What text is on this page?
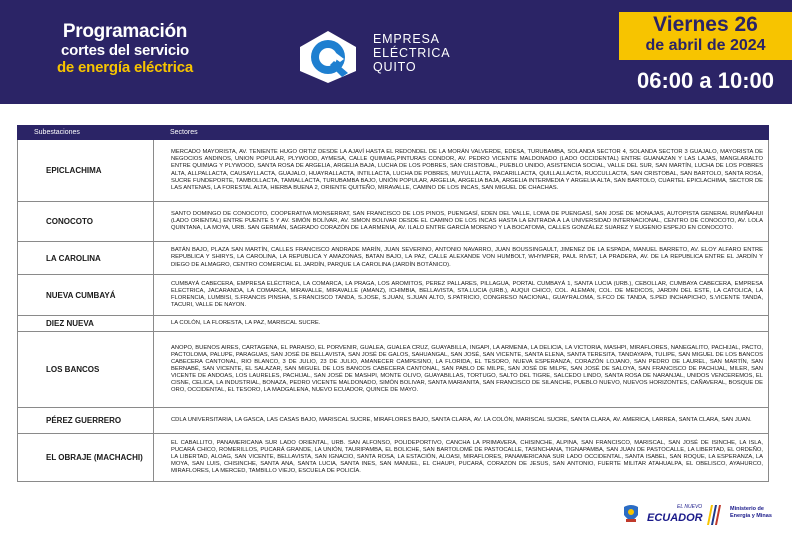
Programación
cortes del servicio
de energía eléctrica
EMPRESA
ELÉCTRICA
QUITO
Viernes 26
de abril de 2024
06:00 a 10:00
Subestaciones	Sectores
EPICLACHIMA	MERCADO MAYORISTA, AV. TENIENTE HUGO ORTIZ DESDE LA AJAVÍ HASTA EL REDONDEL DE LA MORÁN VALVERDE, EDESA, TURUBAMBA, SOLANDA SECTOR 4, SOLANDA SECTOR 3 GUAJALO, MAYORISTA DE NEGOCIOS ANDINOS, UNION POPULAR, PLYWOOD, AYMESA, CALLE QUIMIAG,PINTURAS CONDOR, AV. PEDRO VICENTE MALDONADO (LADO OCCIDENTAL) ENTRE GUANAZAN Y LAS LAJAS, MANGLARALTO ENTRE QUIMIAG Y PLYWOOD, SANTA ROSA DE ARGELIA, ARGELIA BAJA, LUCHA DE LOS POBRES, SAN CRISTOBAL, PUEBLO UNIDO, ASISTENCIA SOCIAL, VALLE DEL SUR, SAN MARTÍN, LUCHA DE LOS POBRES ALTA, ALLPALLACTA, CAUSAYLLACTA, GUAJALO, HUAYRALLACTA, INTILLACTA, LUCHA DE POBRES, MUYULLACTA, PACARILLACTA, QUILLALLACTA, RUCCULLACTA, SAN CRISTOBAL, SAN BARTOLO, SANTA ROSA, SUCRE FUNDEPORTE, TAMBOLLACTA, TAMIALLACTA, TURUBAMBA BAJO, UNIÓN POPULAR, ARGELIA, ARGELIA BAJA, ARGELIA INTERMEDIA Y ARGELIA ALTA, SAN BARTOLO, CUARTEL EPICLACHIMA, SECTOR DE LAS ANTENAS, LA FORESTAL ALTA, HIERBA BUENA 2, ORIENTE QUITEÑO, MIRAVALLE, CAMINO DE LOS INCAS, SAN MIGUEL DE CHACHAS.
CONOCOTO	SANTO DOMINGO DE CONOCOTO, COOPERATIVA MONSERRAT, SAN FRANCISCO DE LOS PINOS, PUENGASÍ, EDEN DEL VALLE, LOMA DE PUENGASÍ, SAN JOSÉ DE MONAJAS, AUTOPISTA GENERAL RUMIÑAHUI (LADO ORIENTAL) ENTRE PUENTE 5 Y AV. SIMÓN BOLÍVAR, AV. SIMON BOLIVAR DESDE EL CAMINO DE LOS INCAS HASTA LA ENTRADA A LA UNIVERSIDAD INTERNACIONAL, CENTRO DE CONOCOTO, AV. LOLA QUINTANA, LA MOYA, URB. SAN GERMÁN, SAGRADO CORAZÓN DE LA ARMENIA, AV. ILALO ENTRE GARCÍA MORENO Y LA BOCATOMA, CALLES GONZÁLEZ SUAREZ Y EUGENIO ESPEJO EN CONOCOTO.
LA CAROLINA	BATÁN BAJO, PLAZA SAN MARTÍN, CALLES FRANCISCO ANDRADE MARÍN, JUAN SEVERINO, ANTONIO NAVARRO, JUAN BOUSSINGAULT, JIMENEZ DE LA ESPADA, MANUEL BARRETO, AV. ELOY ALFARO ENTRE REPUBLICA Y SHIRYS, LA CAROLINA, LA REPUBLICA Y AMAZONAS, BATAN BAJO, LA PAZ, CALLE ALEXANDE VON HUMBOLT, WHYMPER, PAUL RIVET, LA PRADERA, AV. DE LA REPUBLICA ENTRE EL JARDÍN Y DIEGO DE ALMAGRO, CENTRO COMERCIAL EL JARDÍN, PARQUE LA CAROLINA (JARDÍN BOTÁNICO).
NUEVA CUMBAYÁ	CUMBAYÁ CABECERA, EMPRESA ELÉCTRICA, LA COMARCA, LA PRAGA, LOS AROMITOS, PEREZ PALLARES, PILLAGUA, PORTAL CUMBAYÁ 1, SANTA LUCIA (URB.), CEBOLLAR, CUMBAYA CABECERA, EMPRESA ELECTRICA, JACARANDA, LA COMARCA, MIRAVALLE, MIRAVALLE (AMANZ), ICHIMBIA, BELLAVISTA, STA.LUCIA (URB.), AUQUI CHICO, COL. ALEMAN, COL. DE MEDICOS, JARDIN DEL ESTE, LA CATOLICA, LA FLORENCIA, LUMBISI, S.FRANCIS PINSHA, S.FRANCISCO TANDA, S.JOSE, S.JUAN, S.JUAN ALTO, S.PATRICIO, CONGRESO NACIONAL, GUAYRALOMA, S.FCO DE TANDA, S.PED INCHAPICHO, S.VICENTE TANDA, TACURI, VALLE DE NAYON.
DIEZ NUEVA	LA COLÓN, LA FLORESTA, LA PAZ, MARISCAL SUCRE.
LOS BANCOS	ANOPO, BUENOS AIRES, CARTAGENA, EL PARAISO, EL PORVENIR, GUALEA, GUALEA CRUZ, GUAYABILLA, INGAPI, LA ARMENIA, LA DELICIA, LA VICTORIA, MASHPI, MIRAFLORES, NANEGALITO, PACHIJAL, PACTO, PACTOLOMA, PALUPE, PARAGUAS, SAN JOSÉ DE BELLAVISTA, SAN JOSÉ DE GALOS, SAHUANGAL, SAN JOSÉ, SAN VICENTE, SANTA ELENA, SANTA TERESITA, TANDAYAPA, TULIPE, SAN MIGUEL DE LOS BANCOS CABECERA CANTONAL, RIO BLANCO, 3 DE JULIO, 23 DE JULIO, AMANECER CAMPESINO, LA FLORIDA, EL TESORO, NUEVA ESPERANZA, CORAZÓN LOJANO, SAN PEDRO DE LAUREL, SAN MARTÍN, SAN BERNABÉ, SAN VICENTE, EL SALAZAR, SAN MIGUEL DE LOS BANCOS CABECERA CANTONAL, SAN PABLO DE MILPE, SAN JOSÉ DE MILPE, SAN JOSÉ DE SALOYA, SAN FRANCISCO DE PACHIJAL, MILER, SAN VICENTE DE ANDOAS, LOS LAURELES, PACHIJAL, SAN JOSÉ DE MASHPI, MONTE OLIVO, GUAYABILLAS, TORTUGO, SALTO DEL TIGRE, SALCEDO LINDO, SANTA ROSA DE NARANJAL, UNIDOS VENCEREMOS, EL CISNE, CELICA, LA INDUSTRIAL, BONAZA, PEDRO VICENTE MALDONADO, SIMÓN BOLIVAR, SANTA MARIANITA, SAN FRANCISCO DE SILANCHE, PUEBLO NUEVO, NUEVOS HORIZONTES, CAÑAVERAL, BOSQUE DE ORO, OCCIDENTAL, EL TESORO, LA MADGALENA, NUEVO ECUADOR, QUINCE DE MAYO.
PÉREZ GUERRERO	CDLA UNIVERSITARIA, LA GASCA, LAS CASAS BAJO, MARISCAL SUCRE, MIRAFLORES BAJO, SANTA CLARA, AV. LA COLÓN, MARISCAL SUCRE, SANTA CLARA, AV. AMERICA, LARREA, SANTA CLARA, SAN JUAN.
EL OBRAJE (MACHACHI)	EL CABALLITO, PANAMERICANA SUR LADO ORIENTAL, URB. SAN ALFONSO, POLIDEPORTIVO, CANCHA LA PRIMAVERA, CHISINCHE, ALPINA, SAN FRANCISCO, MARISCAL, SAN JOSÉ DE ISINCHE, LA ISLA, PUCARÁ CHICO, ROMERILLOS, PUCARÁ GRANDE, LA UNIÓN, TAURIPAMBA, EL BOLICHE, SAN BARTOLOMÉ DE PASTOCALLE, TASINCHANA, TIGNAPAMBA, SAN JUAN DE PASTOCALLE, LA LIBERTAD, EL ORDEÑO, LA LIBERTAD, ALOAG, SAN VICENTE, BELLAVISTA, SAN IGNACIO, SANTA ROSA, LA ESTACIÓN, ALOASI, MIRAFLORES, PANAMERICANA SUR LADO OCCIDENTAL, SANTA ISABEL, SAN ROQUE, LA ESPERANZA, LA MOYA, SAN LUIS, CHISINCHE, SANTA ANA, SANTA LUCIA, SANTA INES, SAN MANUEL, EL CHAUPI, PUCARÁ, CORAZON DE JESUS, SAN ANTONIO, FUERTE MILITAR ATAHUALPA, EL OBELISCO, AYAHURCO, MIRAFLORES, LA MERCED, TAMBILLO VIEJO, ESCUELA DE POLICÍA.
EL NUEVO
ECUADOR
Ministerio de
Energía y Minas
